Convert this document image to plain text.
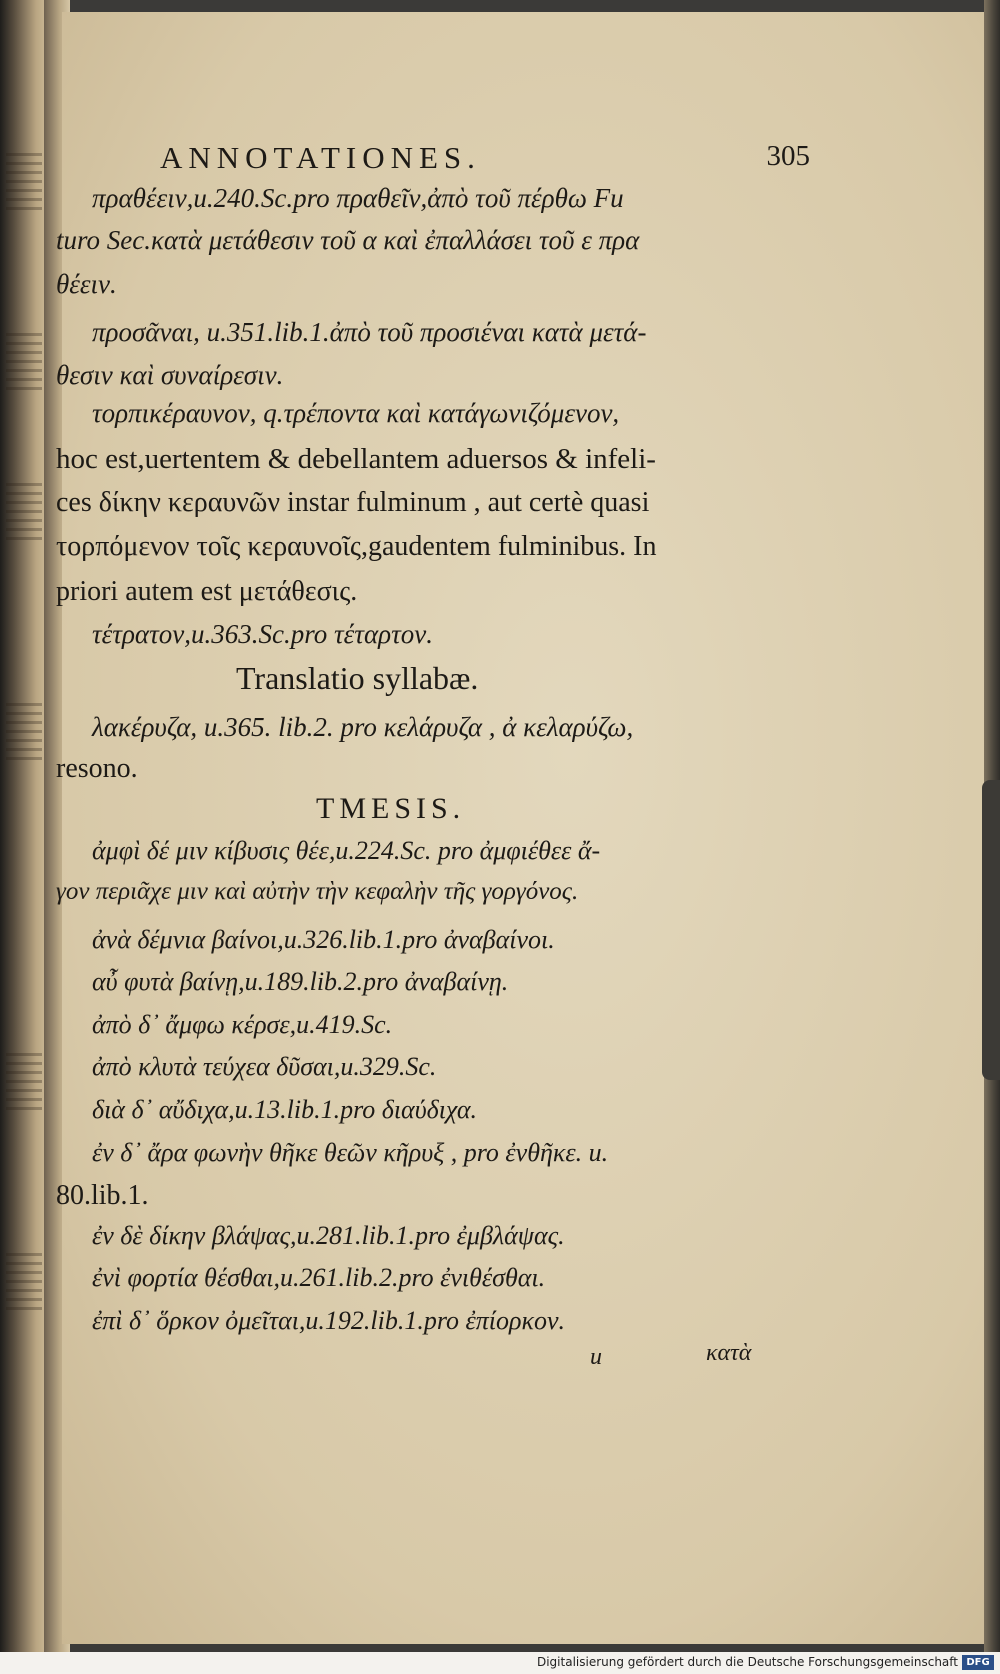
ANNOTATIONES.	305
πραθέειν,u.240.Sc.pro πραθεῖν,ἀπὸ τοῦ πέρθω Fu
turo Sec.κατὰ μετάθεσιν τοῦ α καὶ ἐπαλλάσει τοῦ ε πρα
θέειν.
προσᾶναι, u.351.lib.1.ἀπὸ τοῦ προσιέναι κατὰ μετά-
θεσιν καὶ συναίρεσιν.
τορπικέραυνον, q.τρέποντα καὶ κατάγωνιζόμενον,
hoc est,uertentem & debellantem aduersos & infeli-
ces δίκην κεραυνῶν instar fulminum , aut certè quasi
τορπόμενον τοῖς κεραυνοῖς,gaudentem fulminibus. In
priori autem est μετάθεσις.
τέτρατον,u.363.Sc.pro τέταρτον.
Translatio syllabæ.
λακέρυζα, u.365. lib.2. pro κελάρυζα , ἀ κελαρύζω,
resono.
TMESIS.
ἀμφὶ δέ μιν κίβυσις θέε,u.224.Sc. pro ἀμφιέθεε ἄ-
γον περιᾶχε μιν καὶ αὐτὴν τὴν κεφαλὴν τῆς γοργόνος.
ἀνὰ δέμνια βαίνοι,u.326.lib.1.pro ἀναβαίνοι.
αὖ φυτὰ βαίνῃ,u.189.lib.2.pro ἀναβαίνῃ.
ἀπὸ δ᾽ ἄμφω κέρσε,u.419.Sc.
ἀπὸ κλυτὰ τεύχεα δῦσαι,u.329.Sc.
διὰ δ᾽ αὔδιχα,u.13.lib.1.pro διαύδιχα.
ἐν δ᾽ ἄρα φωνὴν θῆκε θεῶν κῆρυξ , pro ἐνθῆκε. u.
80.lib.1.
ἐν δὲ δίκην βλάψας,u.281.lib.1.pro ἐμβλάψας.
ἐνὶ φορτία θέσθαι,u.261.lib.2.pro ἐνιθέσθαι.
ἐπὶ δ᾽ ὅρκον ὀμεῖται,u.192.lib.1.pro ἐπίορκον.
u	κατὰ
Digitalisierung gefördert durch die Deutsche Forschungsgemeinschaft DFG
